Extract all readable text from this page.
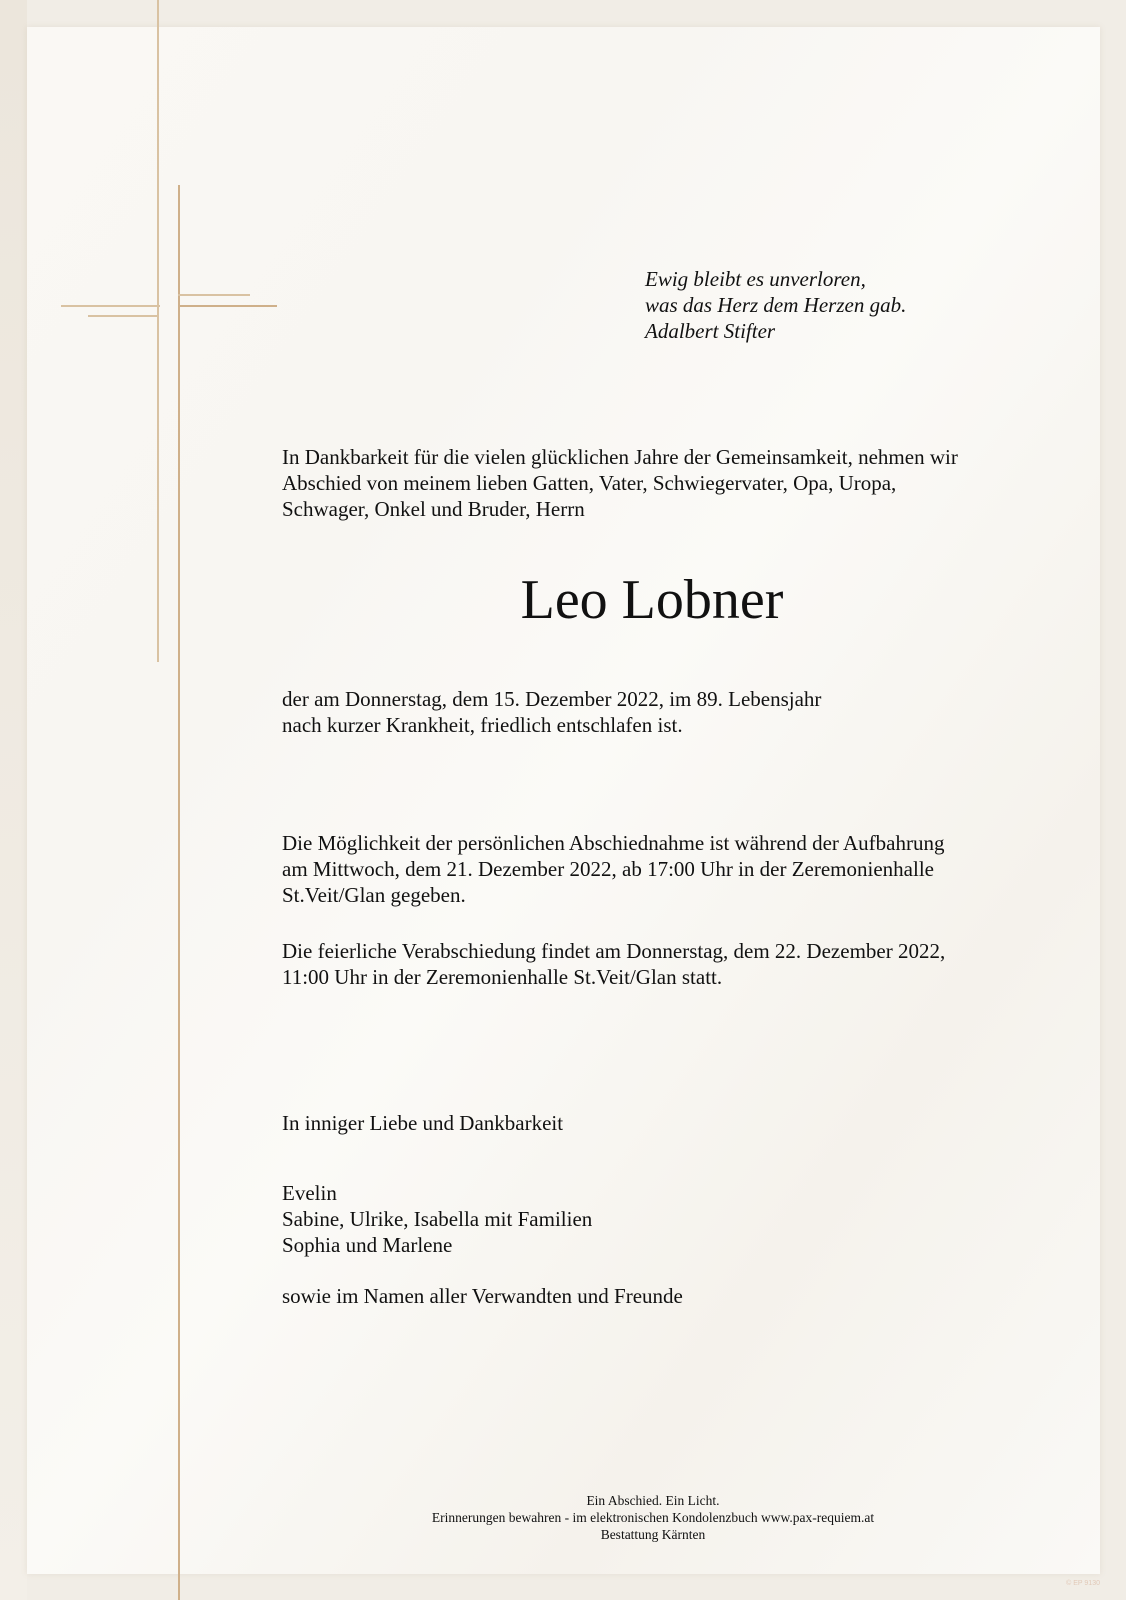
Ewig bleibt es unverloren,
was das Herz dem Herzen gab.
Adalbert Stifter
In Dankbarkeit für die vielen glücklichen Jahre der Gemeinsamkeit, nehmen wir
Abschied von meinem lieben Gatten, Vater, Schwiegervater, Opa, Uropa,
Schwager, Onkel und Bruder, Herrn
Leo Lobner
der am Donnerstag, dem 15. Dezember 2022, im 89. Lebensjahr
nach kurzer Krankheit, friedlich entschlafen ist.
Die Möglichkeit der persönlichen Abschiednahme ist während der Aufbahrung
am Mittwoch, dem 21. Dezember 2022, ab 17:00 Uhr in der Zeremonienhalle
St.Veit/Glan gegeben.
Die feierliche Verabschiedung findet am Donnerstag, dem 22. Dezember 2022,
11:00 Uhr in der Zeremonienhalle St.Veit/Glan statt.
In inniger Liebe und Dankbarkeit
Evelin
Sabine, Ulrike, Isabella mit Familien
Sophia und Marlene
sowie im Namen aller Verwandten und Freunde
Ein Abschied. Ein Licht.
Erinnerungen bewahren - im elektronischen Kondolenzbuch www.pax-requiem.at
Bestattung Kärnten
© EP 9130
